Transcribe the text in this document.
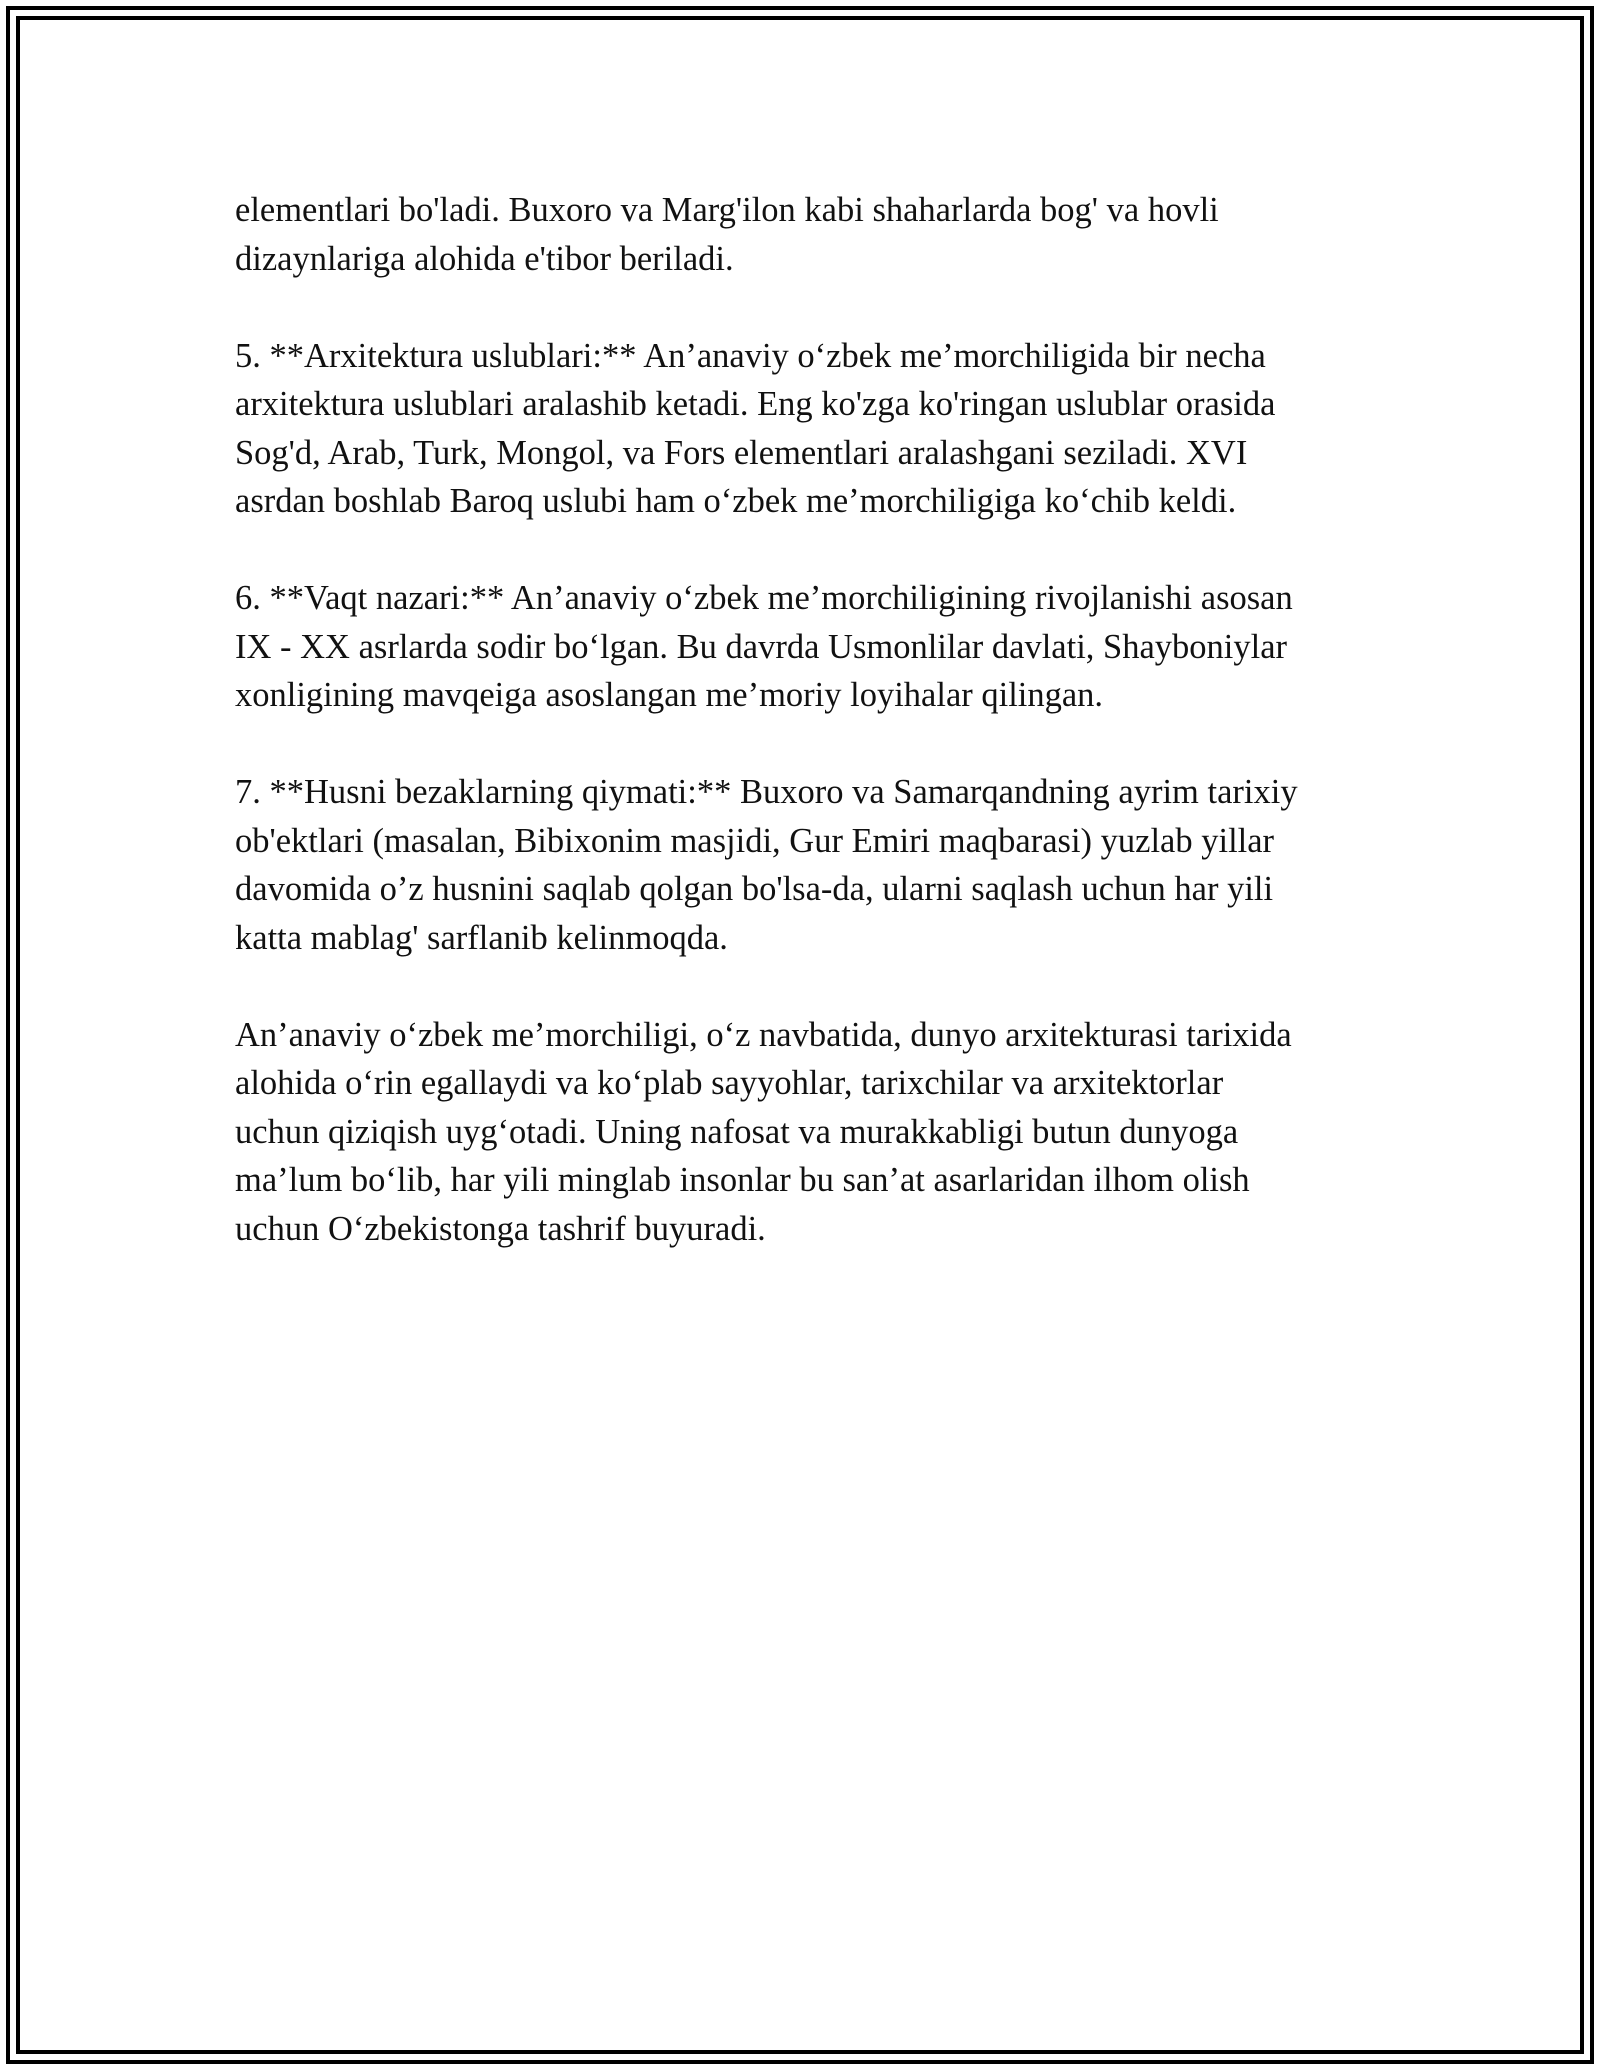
elementlari bo'ladi. Buxoro va Marg'ilon kabi shaharlarda bog' va hovli
dizaynlariga alohida e'tibor beriladi.

5. **Arxitektura uslublari:** An’anaviy o‘zbek me’morchiligida bir necha
arxitektura uslublari aralashib ketadi. Eng ko'zga ko'ringan uslublar orasida
Sog'd, Arab, Turk, Mongol, va Fors elementlari aralashgani seziladi. XVI
asrdan boshlab Baroq uslubi ham o‘zbek me’morchiligiga ko‘chib keldi.

6. **Vaqt nazari:** An’anaviy o‘zbek me’morchiligining rivojlanishi asosan
IX - XX asrlarda sodir bo‘lgan. Bu davrda Usmonlilar davlati, Shayboniylar
xonligining mavqeiga asoslangan me’moriy loyihalar qilingan.

7. **Husni bezaklarning qiymati:** Buxoro va Samarqandning ayrim tarixiy
ob'ektlari (masalan, Bibixonim masjidi, Gur Emiri maqbarasi) yuzlab yillar
davomida o’z husnini saqlab qolgan bo'lsa-da, ularni saqlash uchun har yili
katta mablag' sarflanib kelinmoqda.

An’anaviy o‘zbek me’morchiligi, o‘z navbatida, dunyo arxitekturasi tarixida
alohida o‘rin egallaydi va ko‘plab sayyohlar, tarixchilar va arxitektorlar
uchun qiziqish uyg‘otadi. Uning nafosat va murakkabligi butun dunyoga
ma’lum bo‘lib, har yili minglab insonlar bu san’at asarlaridan ilhom olish
uchun O‘zbekistonga tashrif buyuradi.
